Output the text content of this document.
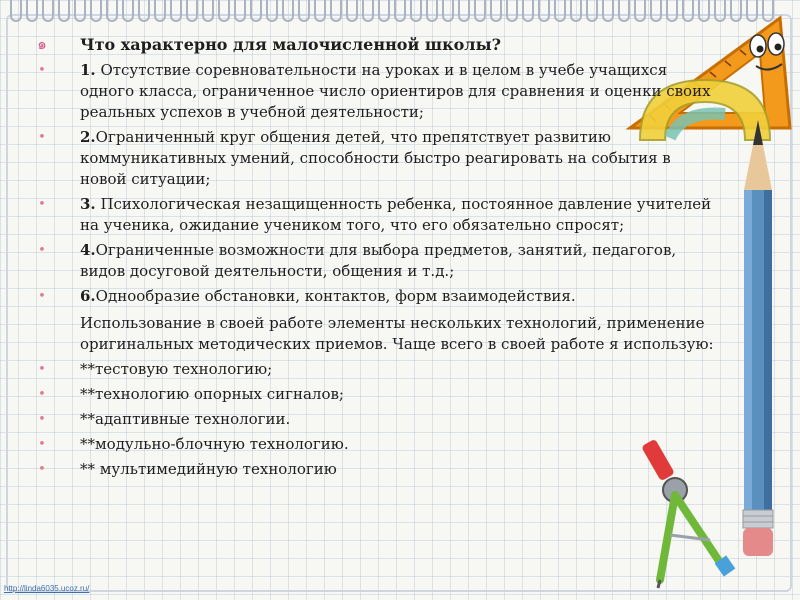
๑ Что характерно для малочисленной школы?
• 1. Отсутствие соревновательности на уроках и в целом в учебе учащихся одного класса, ограниченное число ориентиров для сравнения и оценки своих реальных успехов в учебной деятельности;
• 2.Ограниченный круг общения детей, что препятствует развитию коммуникативных умений, способности быстро реагировать на события в новой ситуации;
• 3. Психологическая незащищенность ребенка, постоянное давление учителей на ученика, ожидание учеником того, что его обязательно спросят;
• 4.Ограниченные возможности для выбора предметов, занятий, педагогов, видов досуговой деятельности, общения и т.д.;
• 6.Однообразие обстановки, контактов, форм взаимодействия.
Использование в своей работе элементы нескольких технологий, применение оригинальных методических приемов. Чаще всего в своей работе я использую:
• **тестовую технологию;
• **технологию опорных сигналов;
• **адаптивные технологии.
• **модульно-блочную технологию.
• ** мультимедийную технологию
http://linda6035.ucoz.ru/
